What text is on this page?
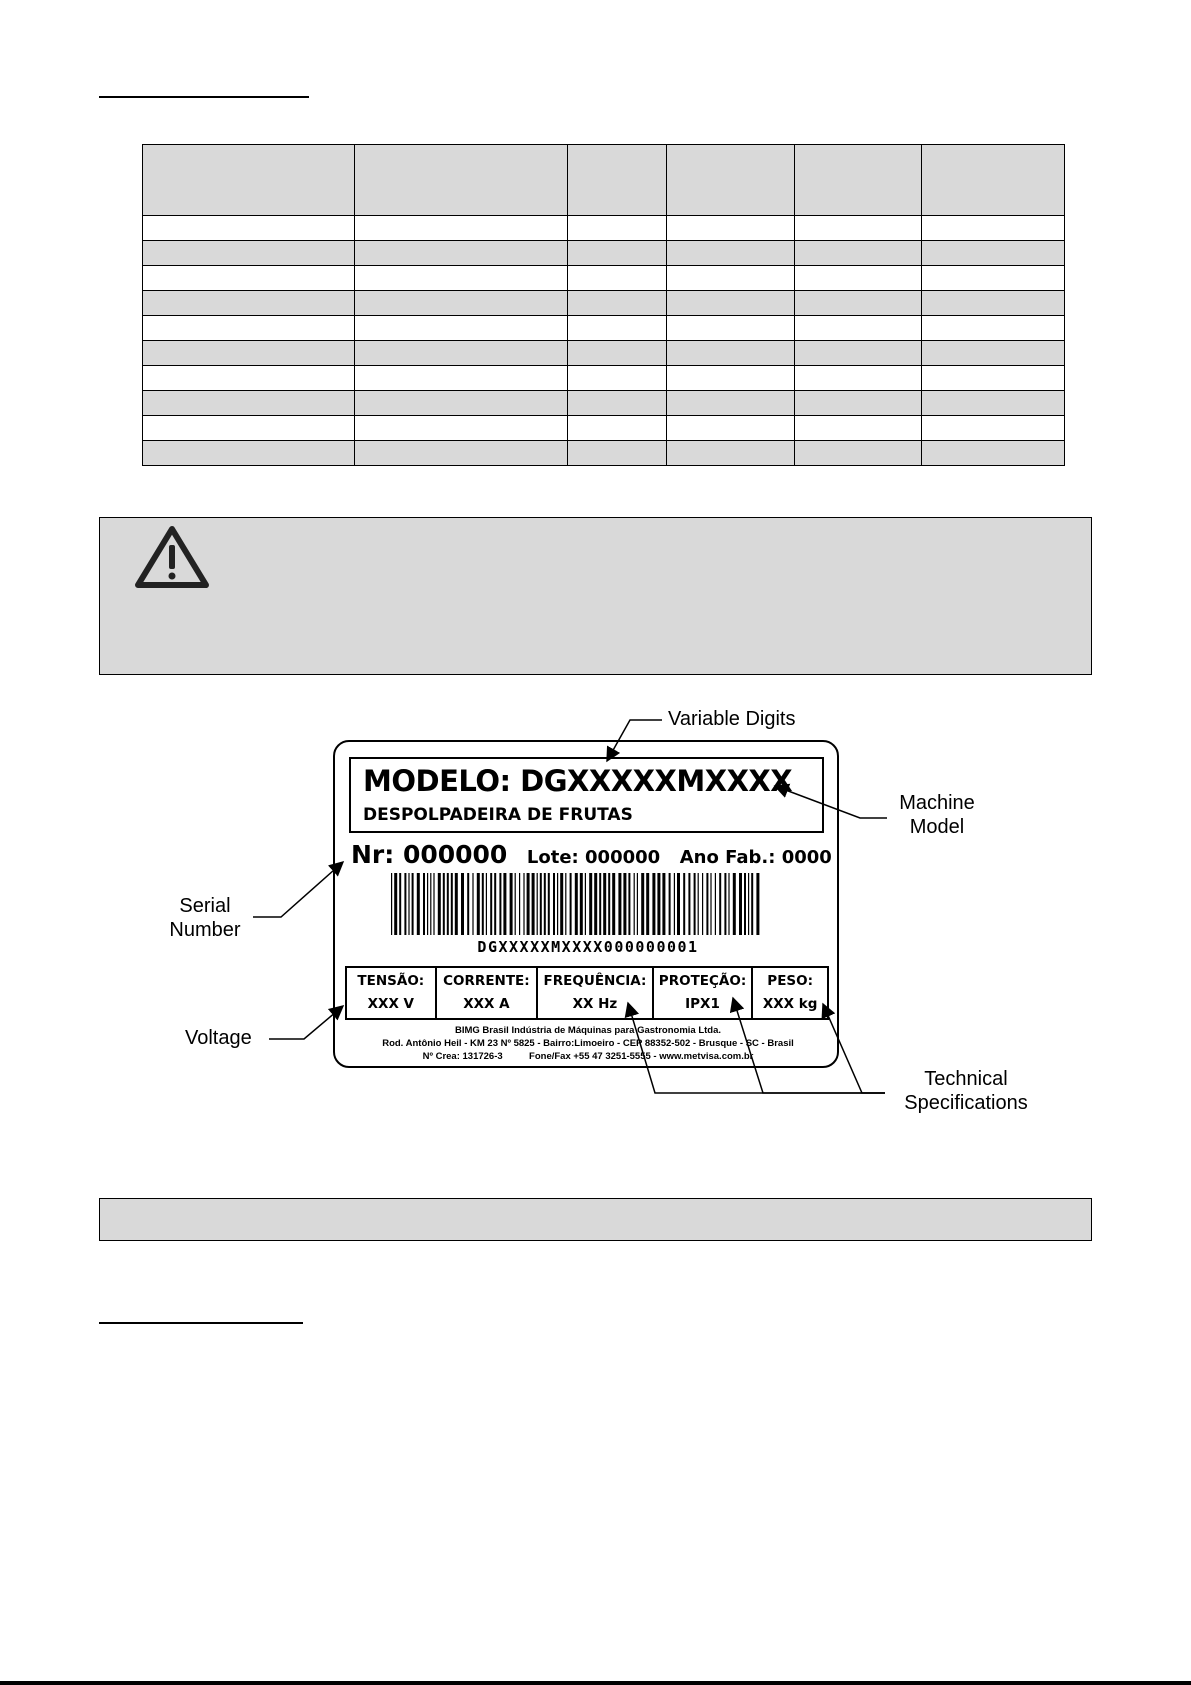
MODELO: DGXXXXXMXXXX
DESPOLPADEIRA DE FRUTAS
Nr: 000000 Lote: 000000 Ano Fab.: 0000
DGXXXXXMXXXX000000001
TENSÃO:
XXX V
CORRENTE:
XXX A
FREQUÊNCIA:
XX Hz
PROTEÇÃO:
IPX1
PESO:
XXX kg
BIMG Brasil Indústria de Máquinas para Gastronomia Ltda.
Rod. Antônio Heil - KM 23 Nº 5825 - Bairro:Limoeiro - CEP 88352-502 - Brusque - SC - Brasil
Nº Crea: 131726-3          Fone/Fax +55 47 3251-5555 - www.metvisa.com.br
Variable Digits
Machine
Model
Serial
Number
Voltage
Technical
Specifications
